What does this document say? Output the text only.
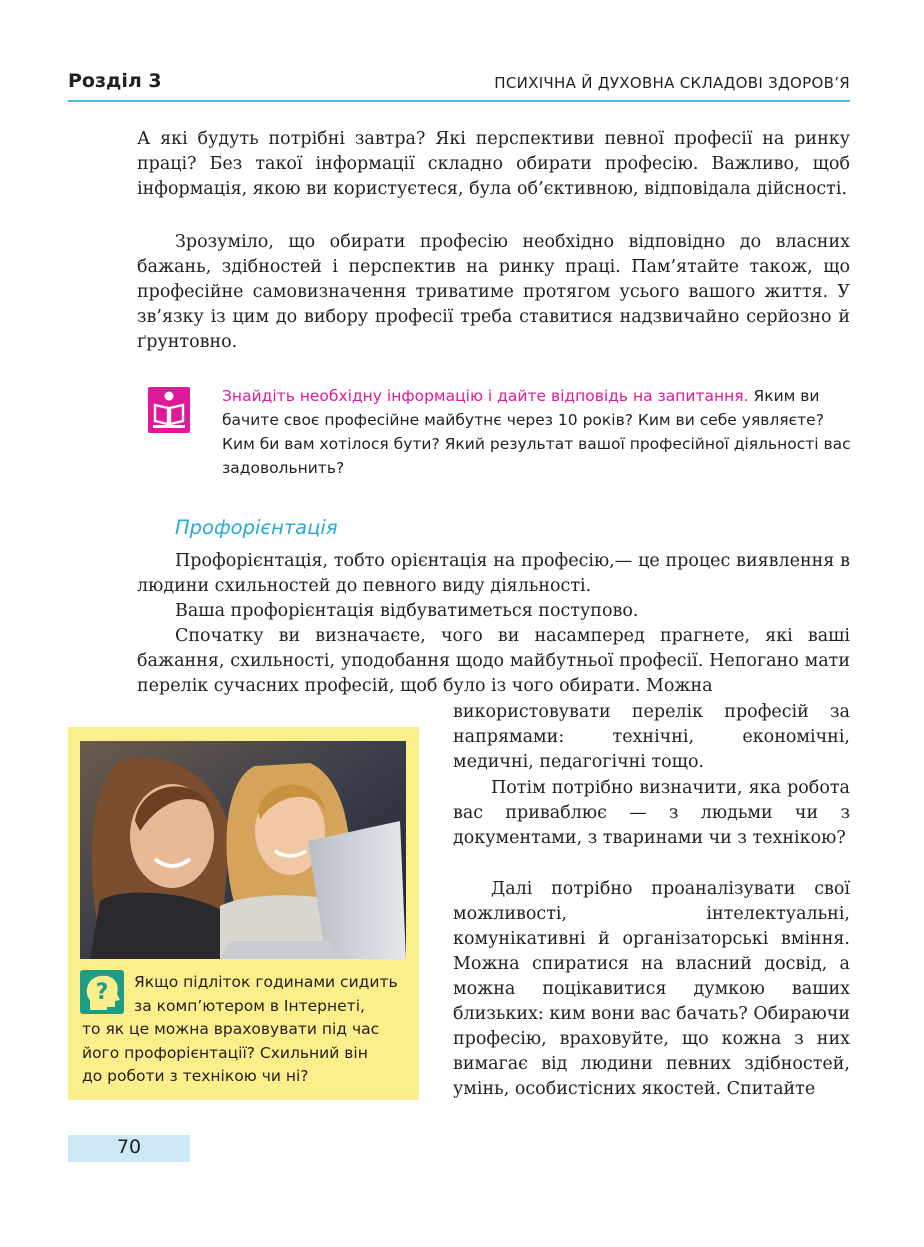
Розділ 3	ПСИХІЧНА Й ДУХОВНА СКЛАДОВІ ЗДОРОВ’Я

А які будуть потрібні завтра? Які перспективи певної професії на ринку праці? Без такої інформації складно обирати професію. Важливо, щоб інформація, якою ви користуєтеся, була об’єктивною, відповідала дійсності.

Зрозуміло, що обирати професію необхідно відповідно до власних бажань, здібностей і перспектив на ринку праці. Пам’ятайте також, що професійне самовизначення триватиме протягом усього вашого життя. У зв’язку із цим до вибору професії треба ставитися надзвичайно серйозно й ґрунтовно.

Знайдіть необхідну інформацію і дайте відповідь на запитання. Яким ви бачите своє професійне майбутнє через 10 років? Ким ви себе уявляєте? Ким би вам хотілося бути? Який результат вашої професійної діяльності вас задовольнить?

Профорієнтація

Профорієнтація, тобто орієнтація на професію,— це процес виявлення в людини схильностей до певного виду діяльності.

Ваша профорієнтація відбуватиметься поступово.

Спочатку ви визначаєте, чого ви насамперед прагнете, які ваші бажання, схильності, уподобання щодо майбутньої професії. Непогано мати перелік сучасних професій, щоб було із чого обирати. Можна

використовувати перелік професій за напрямами: технічні, економічні, медичні, педагогічні тощо.

Потім потрібно визначити, яка робота вас приваблює — з людьми чи з документами, з тваринами чи з технікою?

Далі потрібно проаналізувати свої можливості, інтелектуальні, комунікативні й організаторські вміння. Можна спиратися на власний досвід, а можна поцікавитися думкою ваших близьких: ким вони вас бачать? Обираючи професію, враховуйте, що кожна з них вимагає від людини певних здібностей, умінь, особистісних якостей. Спитайте

?	Якщо підліток годинами сидить
за комп’ютером в Інтернеті,
то як це можна враховувати під час
його профорієнтації? Схильний він
до роботи з технікою чи ні?

70
